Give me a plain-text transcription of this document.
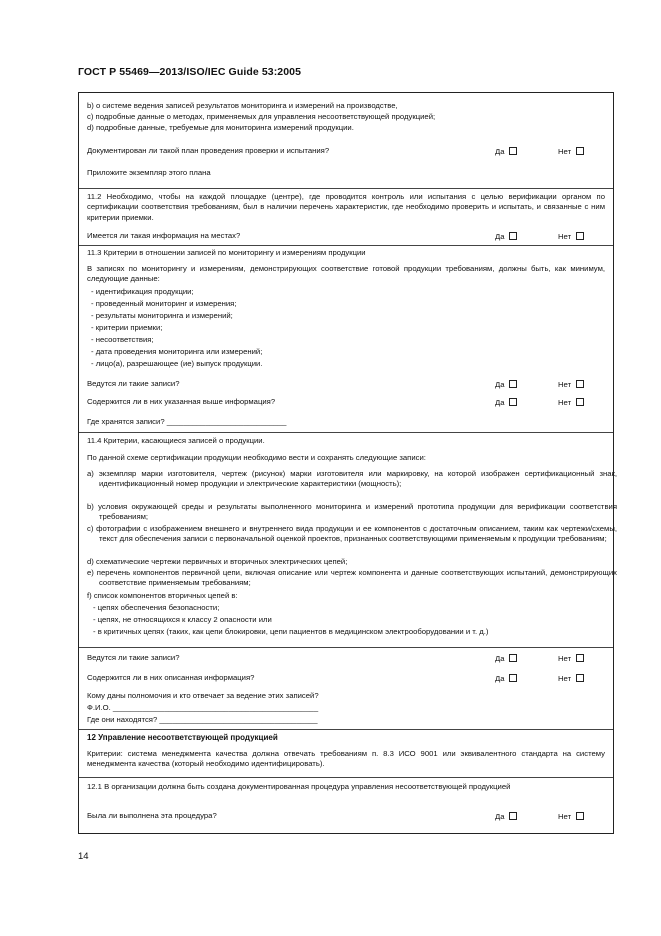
ГОСТ Р 55469—2013/ISO/IEC Guide 53:2005
b) о системе ведения записей результатов мониторинга и измерений на производстве,
c) подробные данные о методах, применяемых для управления несоответствующей продукцией;
d) подробные данные, требуемые для мониторинга измерений продукции.
Документирован ли такой план проведения проверки и испытания?	Да	Нет
Приложите экземпляр этого плана
11.2 Необходимо, чтобы на каждой площадке (центре), где проводится контроль или испытания с целью верификации органом по сертификации соответствия требованиям, был в наличии перечень характеристик, где необходимо проверить и испытать, и связанные с ним критерии приемки.
Имеется ли такая информация на местах?	Да	Нет
11.3 Критерии в отношении записей по мониторингу и измерениям продукции
В записях по мониторингу и измерениям, демонстрирующих соответствие готовой продукции требованиям, должны быть, как минимум, следующие данные:
- идентификация продукции;
- проведенный мониторинг и измерения;
- результаты мониторинга и измерений;
- критерии приемки;
- несоответствия;
- дата проведения мониторинга или измерений;
- лицо(а), разрешающее (ие) выпуск продукции.
Ведутся ли такие записи?	Да	Нет
Содержится ли в них указанная выше информация?	Да	Нет
Где хранятся записи? ____________________________
11.4 Критерии, касающиеся записей о продукции.
По данной схеме сертификации продукции необходимо вести и сохранять следующие записи:
a) экземпляр марки изготовителя, чертеж (рисунок) марки изготовителя или маркировку, на которой изображен сертификационный знак, идентификационный номер продукции и электрические характеристики (мощность);
b) условия окружающей среды и результаты выполненного мониторинга и измерений прототипа продукции для верификации соответствия требованиям;
c) фотографии с изображением внешнего и внутреннего вида продукции и ее компонентов с достаточным описанием, таким как чертежи/схемы, текст для обеспечения записи с первоначальной оценкой проектов, признанных соответствующими применяемым к продукции требованиям;
d) схематические чертежи первичных и вторичных электрических цепей;
e) перечень компонентов первичной цепи, включая описание или чертеж компонента и данные соответствующих испытаний, демонстрирующих соответствие применяемым требованиям;
f) список компонентов вторичных цепей в:
- цепях обеспечения безопасности;
- цепях, не относящихся к классу 2 опасности или
- в критичных цепях (таких, как цепи блокировки, цепи пациентов в медицинском электрооборудовании и т. д.)
Ведутся ли такие записи?	Да	Нет
Содержится ли в них описанная информация?	Да	Нет
Кому даны полномочия и кто отвечает за ведение этих записей?
Ф.И.О. ________________________________________________
Где они находятся? _____________________________________
12 Управление несоответствующей продукцией
Критерии: система менеджмента качества должна отвечать требованиям п. 8.3 ИСО 9001 или эквивалентного стандарта на систему менеджмента качества (который необходимо идентифицировать).
12.1 В организации должна быть создана документированная процедура управления несоответствующей продукцией
Была ли выполнена эта процедура?	Да	Нет
14
